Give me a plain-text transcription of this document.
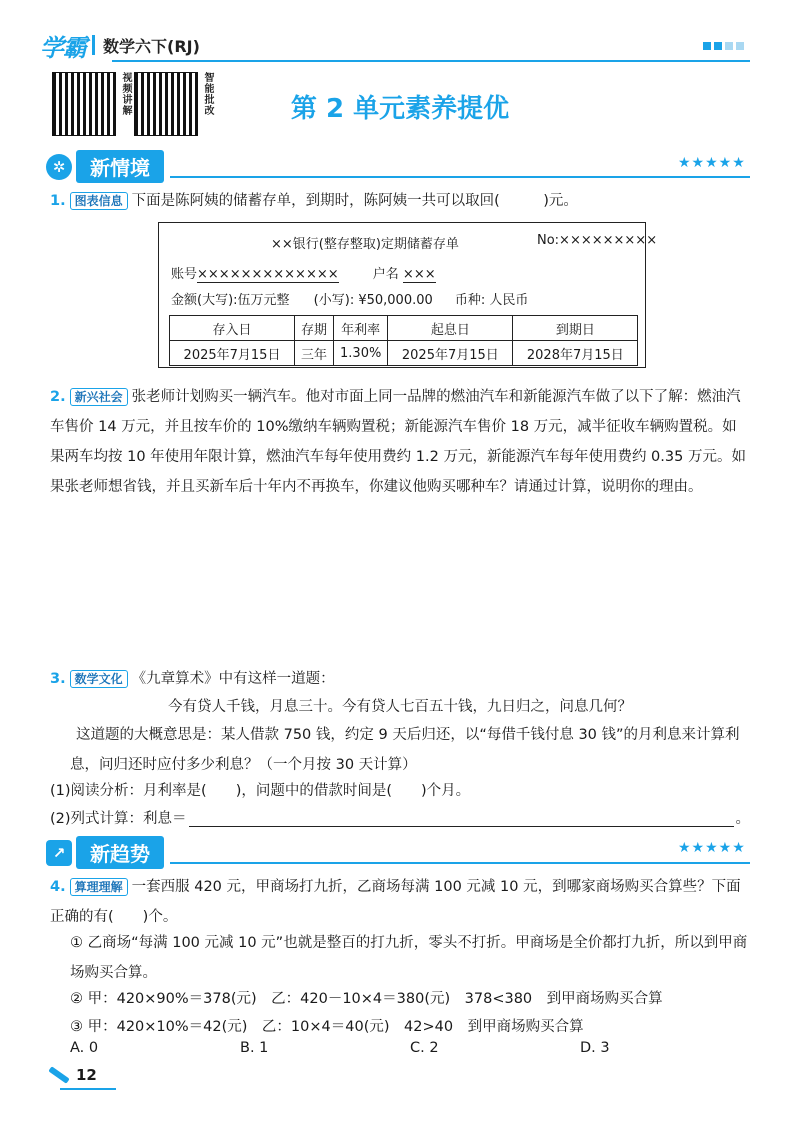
学霸 数学六下(RJ)
视频讲解	智能批改	第 2 单元素养提优
✲	新情境	★★★★★
1. 图表信息 下面是陈阿姨的储蓄存单，到期时，陈阿姨一共可以取回(　　　)元。
××银行(整存整取)定期储蓄存单	No:×××××××××
账号×××××××××××××	户名 ×××
金额(大写):伍万元整 (小写): ¥50,000.00 币种: 人民币
存入日	存期	年利率	起息日	到期日
2025年7月15日	三年	1.30%	2025年7月15日	2028年7月15日
2. 新兴社会 张老师计划购买一辆汽车。他对市面上同一品牌的燃油汽车和新能源汽车做了以下了解：燃油汽车售价 14 万元，并且按车价的 10%缴纳车辆购置税；新能源汽车售价 18 万元，减半征收车辆购置税。如果两车均按 10 年使用年限计算，燃油汽车每年使用费约 1.2 万元，新能源汽车每年使用费约 0.35 万元。如果张老师想省钱，并且买新车后十年内不再换车，你建议他购买哪种车？请通过计算，说明你的理由。
3. 数学文化 《九章算术》中有这样一道题：
今有贷人千钱，月息三十。今有贷人七百五十钱，九日归之，问息几何？
这道题的大概意思是：某人借款 750 钱，约定 9 天后归还，以“每借千钱付息 30 钱”的月利息来计算利息，问归还时应付多少利息？（一个月按 30 天计算）
(1)阅读分析：月利率是(　　)，问题中的借款时间是(　　)个月。
(2)列式计算：利息＝	。
↗	新趋势	★★★★★
4. 算理理解 一套西服 420 元，甲商场打九折，乙商场每满 100 元减 10 元，到哪家商场购买合算些？下面正确的有(　　)个。
① 乙商场“每满 100 元减 10 元”也就是整百的打九折，零头不打折。甲商场是全价都打九折，所以到甲商场购买合算。
② 甲：420×90%＝378(元)　乙：420－10×4＝380(元)　378<380　到甲商场购买合算
③ 甲：420×10%＝42(元)　乙：10×4＝40(元)　42>40　到甲商场购买合算
A. 0	B. 1	C. 2	D. 3
12
